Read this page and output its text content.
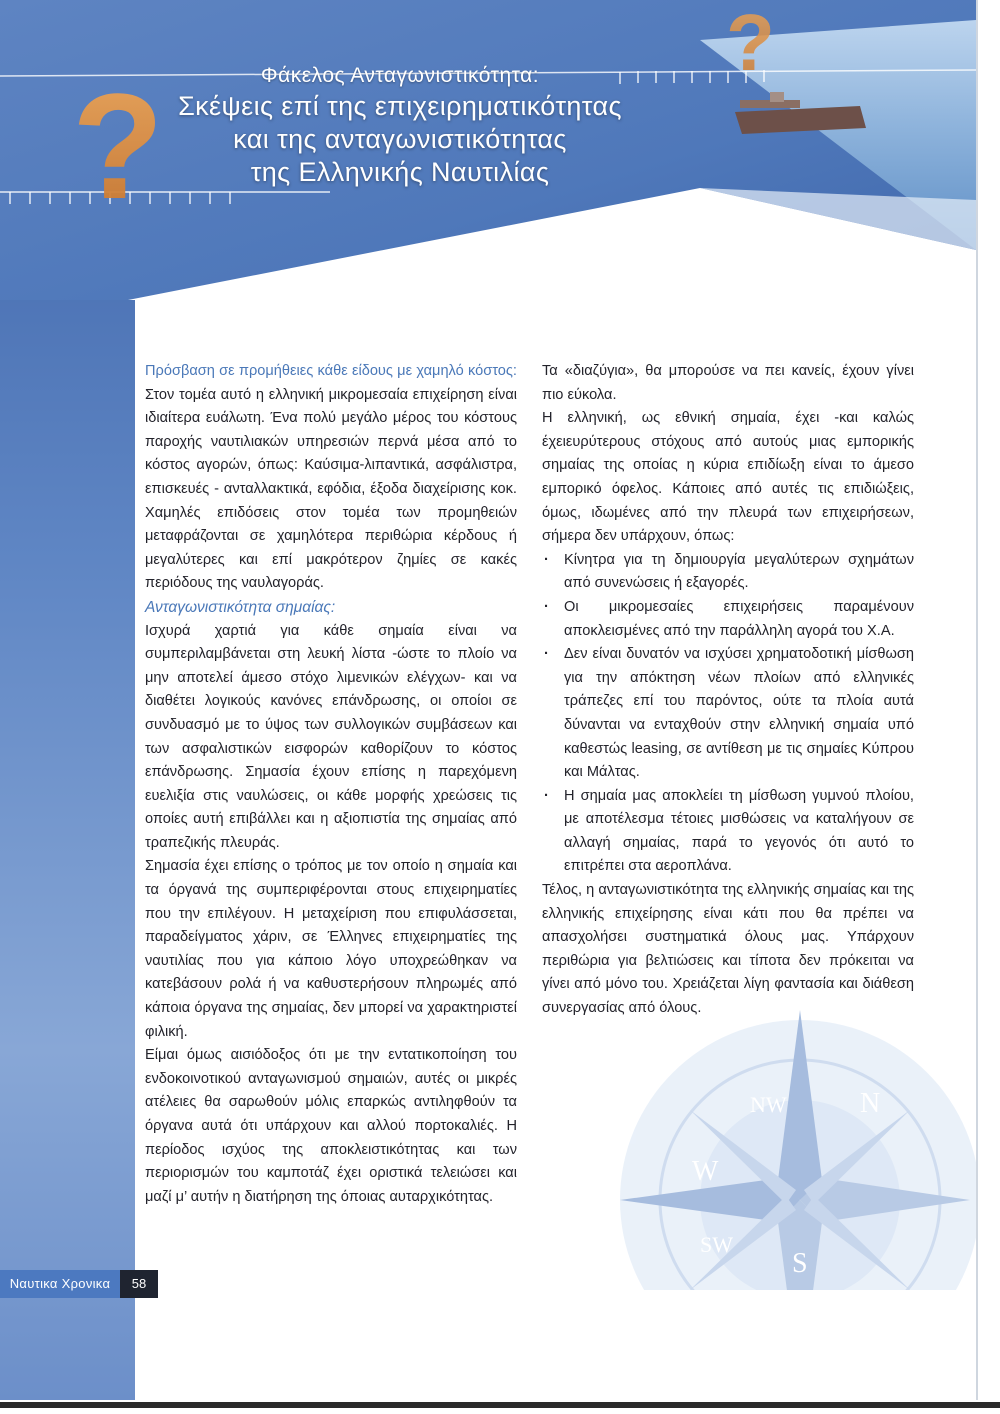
?
?
Φάκελος Ανταγωνιστικότητα:
Σκέψεις επί της επιχειρηματικότητας
και της ανταγωνιστικότητας
της Ελληνικής Ναυτιλίας
NW	N
W
SW
S

Πρόσβαση σε προμήθειες κάθε είδους με χαμηλό κόστος: Στον τομέα αυτό η ελληνική μικρομεσαία επιχείρηση είναι ιδιαίτερα ευάλωτη. Ένα πολύ μεγάλο μέρος του κόστους παροχής ναυτιλιακών υπηρεσιών περνά μέσα από το κόστος αγορών, όπως: Καύσιμα-λιπαντικά, ασφάλιστρα, επισκευές - ανταλλακτικά, εφόδια, έξοδα διαχείρισης κοκ. Χαμηλές επιδόσεις στον τομέα των προμηθειών μεταφράζονται σε χαμηλότερα περιθώρια κέρδους ή μεγαλύτερες και επί μακρότερον ζημίες σε κακές περιόδους της ναυλαγοράς.

Ανταγωνιστικότητα σημαίας:

Ισχυρά χαρτιά για κάθε σημαία είναι να συμπεριλαμβάνεται στη λευκή λίστα -ώστε το πλοίο να μην αποτελεί άμεσο στόχο λιμενικών ελέγχων- και να διαθέτει λογικούς κανόνες επάνδρωσης, οι οποίοι σε συνδυασμό με το ύψος των συλλογικών συμβάσεων και των ασφαλιστικών εισφορών καθορίζουν το κόστος επάνδρωσης. Σημασία έχουν επίσης η παρεχόμενη ευελιξία στις ναυλώσεις, οι κάθε μορφής χρεώσεις τις οποίες αυτή επιβάλλει και η αξιοπιστία της σημαίας από τραπεζικής πλευράς.

Σημασία έχει επίσης ο τρόπος με τον οποίο η σημαία και τα όργανά της συμπεριφέρονται στους επιχειρηματίες που την επιλέγουν. Η μεταχείριση που επιφυλάσσεται, παραδείγματος χάριν, σε Έλληνες επιχειρηματίες της ναυτιλίας που για κάποιο λόγο υποχρεώθηκαν να κατεβάσουν ρολά ή να καθυστερήσουν πληρωμές από κάποια όργανα της σημαίας, δεν μπορεί να χαρακτηριστεί φιλική.

Είμαι όμως αισιόδοξος ότι με την εντατικοποίηση του ενδοκοινοτικού ανταγωνισμού σημαιών, αυτές οι μικρές ατέλειες θα σαρωθούν μόλις επαρκώς αντιληφθούν τα όργανα αυτά ότι υπάρχουν και αλλού πορτοκαλιές. Η περίοδος ισχύος της αποκλειστικότητας και των περιορισμών του καμποτάζ έχει οριστικά τελειώσει και μαζί μ’ αυτήν η διατήρηση της όποιας αυταρχικότητας.

Τα «διαζύγια», θα μπορούσε να πει κανείς, έχουν γίνει πιο εύκολα.

Η ελληνική, ως εθνική σημαία, έχει -και καλώς έχειευρύτερους στόχους από αυτούς μιας εμπορικής σημαίας της οποίας η κύρια επιδίωξη είναι το άμεσο εμπορικό όφελος. Κάποιες από αυτές τις επιδιώξεις, όμως, ιδωμένες από την πλευρά των επιχειρήσεων, σήμερα δεν υπάρχουν, όπως:

· Κίνητρα για τη δημιουργία μεγαλύτερων σχημάτων από συνενώσεις ή εξαγορές.
· Οι μικρομεσαίες επιχειρήσεις παραμένουν αποκλεισμένες από την παράλληλη αγορά του Χ.Α.
· Δεν είναι δυνατόν να ισχύσει χρηματοδοτική μίσθωση για την απόκτηση νέων πλοίων από ελληνικές τράπεζες επί του παρόντος, ούτε τα πλοία αυτά δύνανται να ενταχθούν στην ελληνική σημαία υπό καθεστώς leasing, σε αντίθεση με τις σημαίες Κύπρου και Μάλτας.
· Η σημαία μας αποκλείει τη μίσθωση γυμνού πλοίου, με αποτέλεσμα τέτοιες μισθώσεις να καταλήγουν σε αλλαγή σημαίας, παρά το γεγονός ότι αυτό το επιτρέπει στα αεροπλάνα.

Τέλος, η ανταγωνιστικότητα της ελληνικής σημαίας και της ελληνικής επιχείρησης είναι κάτι που θα πρέπει να απασχολήσει συστηματικά όλους μας. Υπάρχουν περιθώρια για βελτιώσεις και τίποτα δεν πρόκειται να γίνει από μόνο του. Χρειάζεται λίγη φαντασία και διάθεση συνεργασίας από όλους.

Ναυτικα Χρονικα	58
